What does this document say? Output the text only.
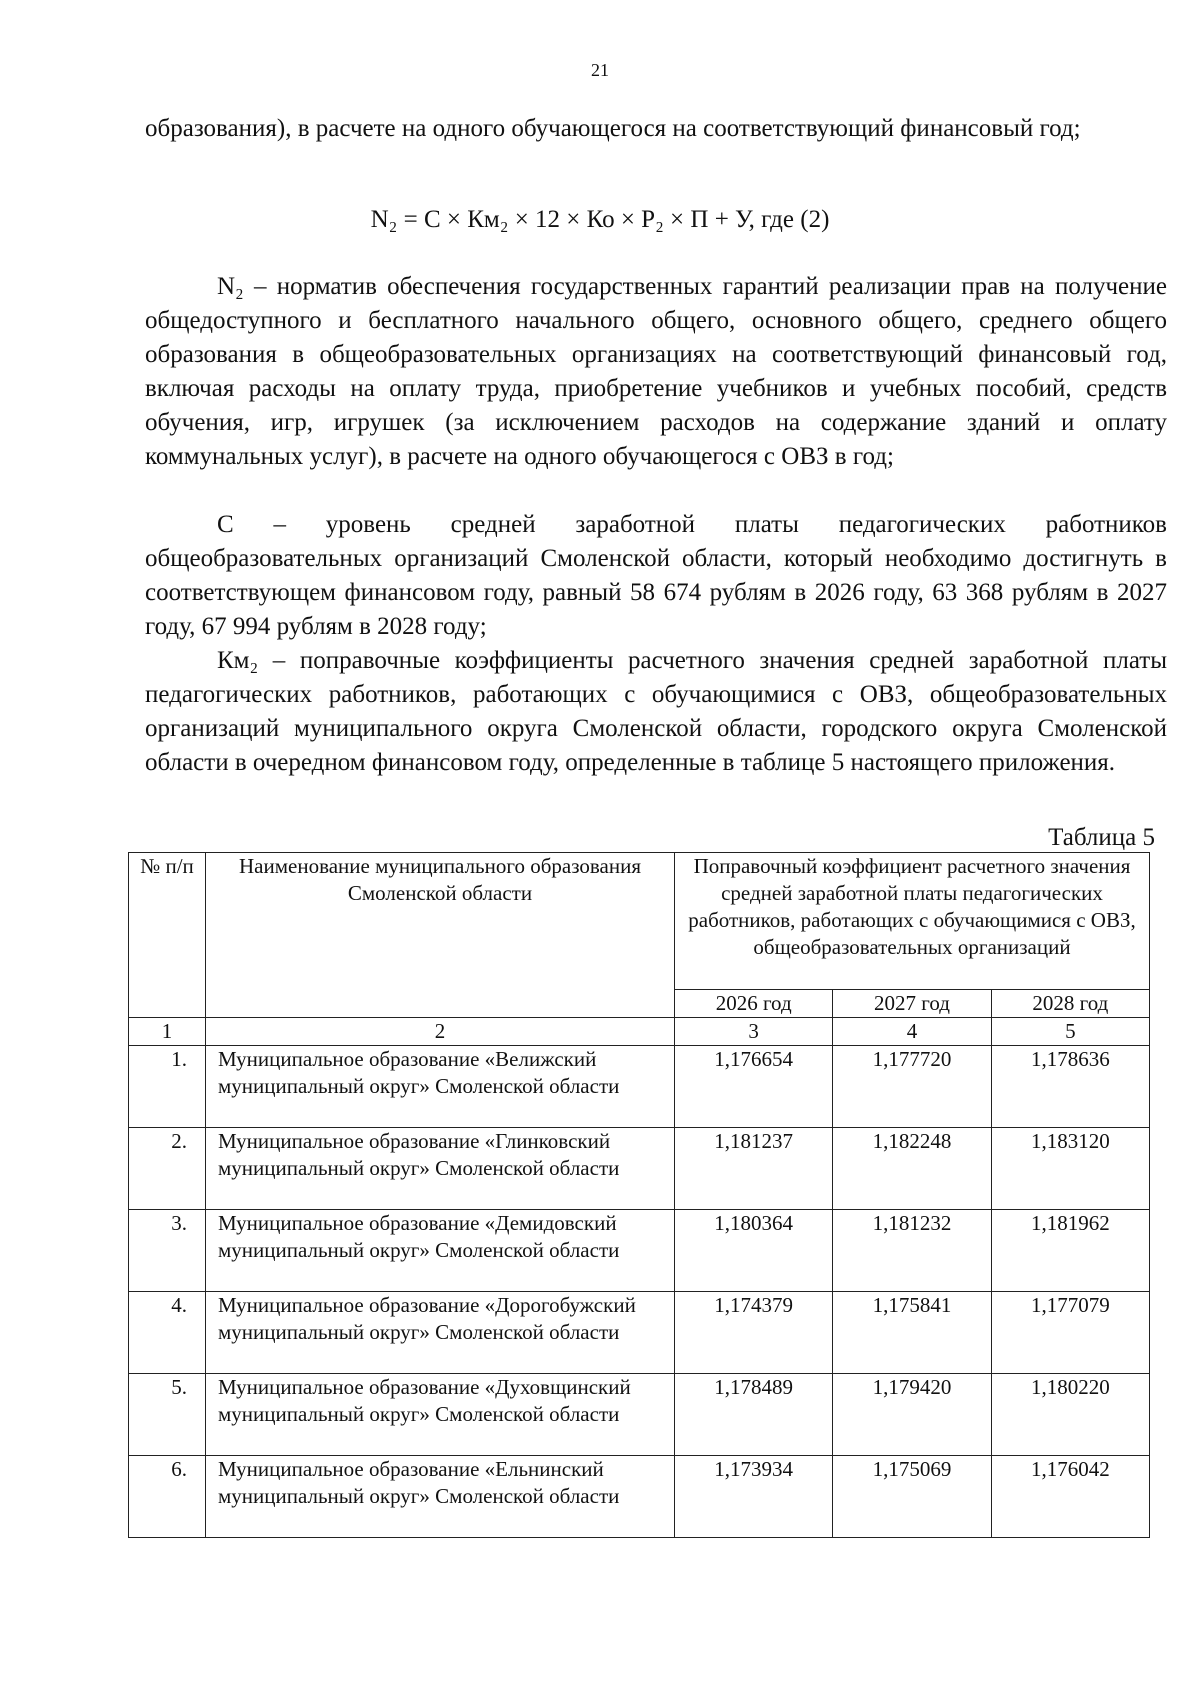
21

образования), в расчете на одного обучающегося на соответствующий финансовый год;

N₂ = С × Км₂ × 12 × Ко × Р₂ × П + У, где (2)

N₂ – норматив обеспечения государственных гарантий реализации прав на получение общедоступного и бесплатного начального общего, основного общего, среднего общего образования в общеобразовательных организациях на соответствующий финансовый год, включая расходы на оплату труда, приобретение учебников и учебных пособий, средств обучения, игр, игрушек (за исключением расходов на содержание зданий и оплату коммунальных услуг), в расчете на одного обучающегося с ОВЗ в год;

С – уровень средней заработной платы педагогических работников общеобразовательных организаций Смоленской области, который необходимо достигнуть в соответствующем финансовом году, равный 58 674 рублям в 2026 году, 63 368 рублям в 2027 году, 67 994 рублям в 2028 году;

Км₂ – поправочные коэффициенты расчетного значения средней заработной платы педагогических работников, работающих с обучающимися с ОВЗ, общеобразовательных организаций муниципального округа Смоленской области, городского округа Смоленской области в очередном финансовом году, определенные в таблице 5 настоящего приложения.

Таблица 5
№ п/п	Наименование муниципального образования Смоленской области	Поправочный коэффициент расчетного значения средней заработной платы педагогических работников, работающих с обучающимися с ОВЗ, общеобразовательных организаций		
		2026 год	2027 год	2028 год
1	2	3	4	5
1.	Муниципальное образование «Велижский муниципальный округ» Смоленской области	1,176654	1,177720	1,178636
2.	Муниципальное образование «Глинковский муниципальный округ» Смоленской области	1,181237	1,182248	1,183120
3.	Муниципальное образование «Демидовский муниципальный округ» Смоленской области	1,180364	1,181232	1,181962
4.	Муниципальное образование «Дорогобужский муниципальный округ» Смоленской области	1,174379	1,175841	1,177079
5.	Муниципальное образование «Духовщинский муниципальный округ» Смоленской области	1,178489	1,179420	1,180220
6.	Муниципальное образование «Ельнинский муниципальный округ» Смоленской области	1,173934	1,175069	1,176042
